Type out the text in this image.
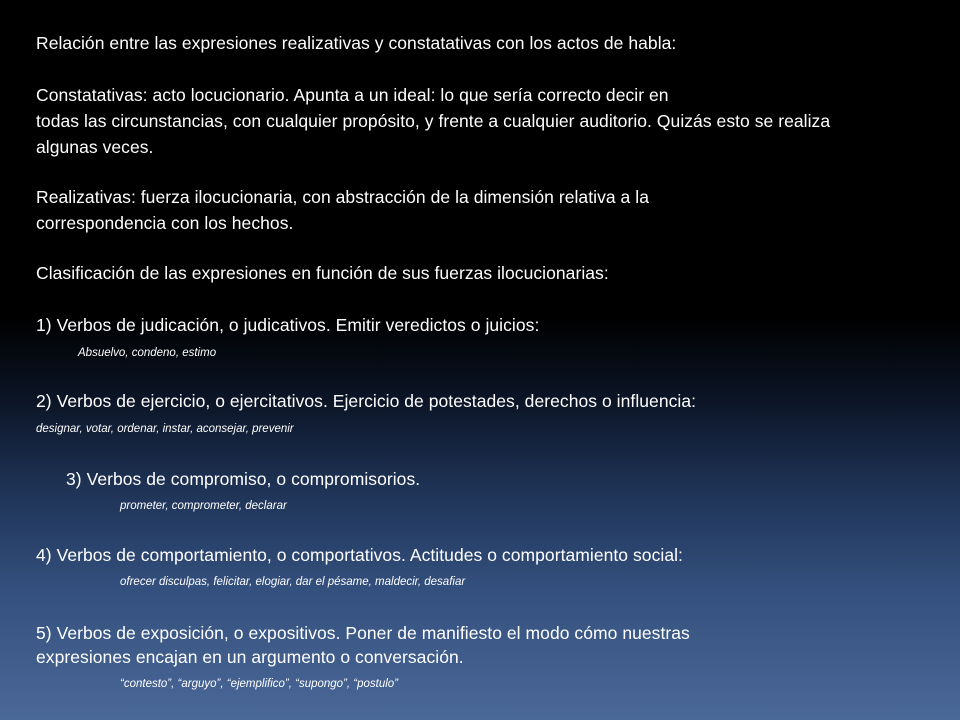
Relación entre las expresiones realizativas y constatativas con los actos de habla:
Constatativas: acto locucionario. Apunta a un ideal: lo que sería correcto decir en
todas las circunstancias, con cualquier propósito, y frente a cualquier auditorio. Quizás esto se realiza
algunas veces.
Realizativas: fuerza ilocucionaria, con abstracción de la dimensión relativa a la
correspondencia con los hechos.
Clasificación de las expresiones en función de sus fuerzas ilocucionarias:
1) Verbos de judicación, o judicativos. Emitir veredictos o juicios:
Absuelvo, condeno, estimo
2) Verbos de ejercicio, o ejercitativos. Ejercicio de potestades, derechos o influencia:
designar, votar, ordenar, instar, aconsejar, prevenir
3) Verbos de compromiso, o compromisorios.
prometer, comprometer, declarar
4) Verbos de comportamiento, o comportativos. Actitudes o comportamiento social:
ofrecer disculpas, felicitar, elogiar, dar el pésame, maldecir, desafiar
5) Verbos de exposición, o expositivos. Poner de manifiesto el modo cómo nuestras
expresiones encajan en un argumento o conversación.
“contesto”, “arguyo”, “ejemplifico”, “supongo”, “postulo”
